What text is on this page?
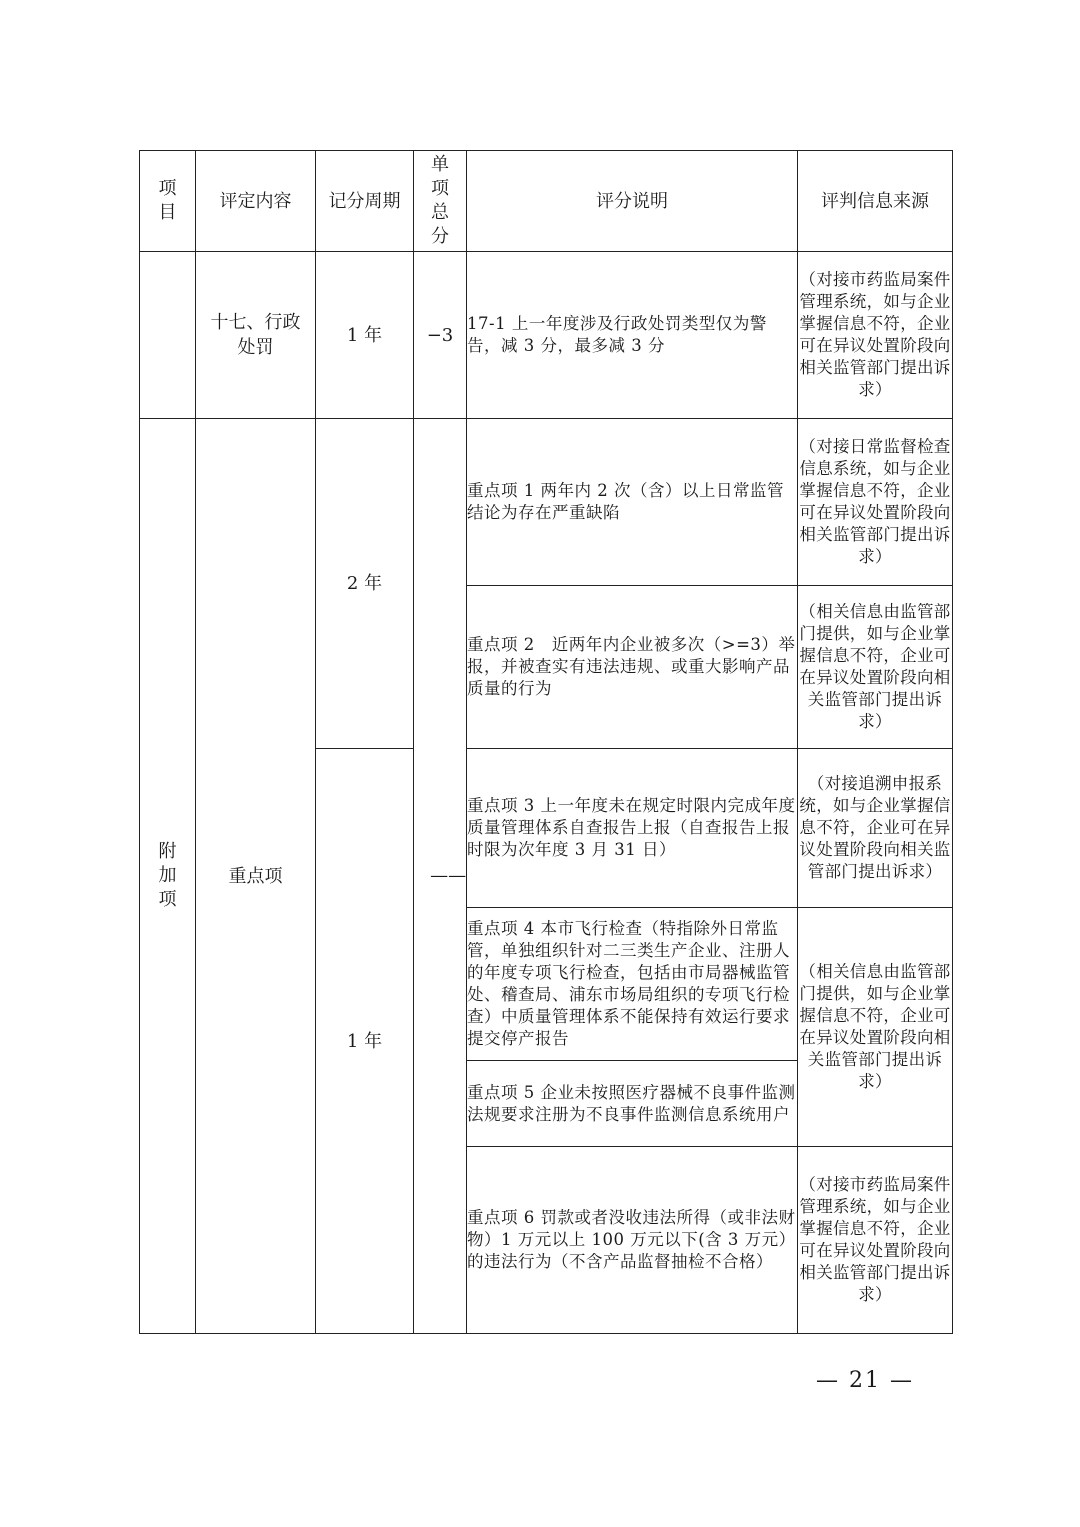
项目	评定内容	记分周期	单项总分	评分说明	评判信息来源
	十七、行政处罚	1 年	−3	17-1 上一年度涉及行政处罚类型仅为警告，减 3 分，最多减 3 分	（对接市药监局案件管理系统，如与企业掌握信息不符，企业可在异议处置阶段向相关监管部门提出诉求）
附加项	重点项	2 年	——	重点项 1 两年内 2 次（含）以上日常监管结论为存在严重缺陷	（对接日常监督检查信息系统，如与企业掌握信息不符，企业可在异议处置阶段向相关监管部门提出诉求）
				重点项 2　近两年内企业被多次（>=3）举报，并被查实有违法违规、或重大影响产品质量的行为	（相关信息由监管部门提供，如与企业掌握信息不符，企业可在异议处置阶段向相关监管部门提出诉求）
		1 年		重点项 3 上一年度未在规定时限内完成年度质量管理体系自查报告上报（自查报告上报时限为次年度 3 月 31 日）	（对接追溯申报系统，如与企业掌握信息不符，企业可在异议处置阶段向相关监管部门提出诉求）
				重点项 4 本市飞行检查（特指除外日常监管，单独组织针对二三类生产企业、注册人的年度专项飞行检查，包括由市局器械监管处、稽查局、浦东市场局组织的专项飞行检查）中质量管理体系不能保持有效运行要求提交停产报告	（相关信息由监管部门提供，如与企业掌握信息不符，企业可在异议处置阶段向相关监管部门提出诉求）
				重点项 5 企业未按照医疗器械不良事件监测法规要求注册为不良事件监测信息系统用户	
				重点项 6 罚款或者没收违法所得（或非法财物）1 万元以上 100 万元以下(含 3 万元）的违法行为（不含产品监督抽检不合格）	（对接市药监局案件管理系统，如与企业掌握信息不符，企业可在异议处置阶段向相关监管部门提出诉求）
— 21 —
